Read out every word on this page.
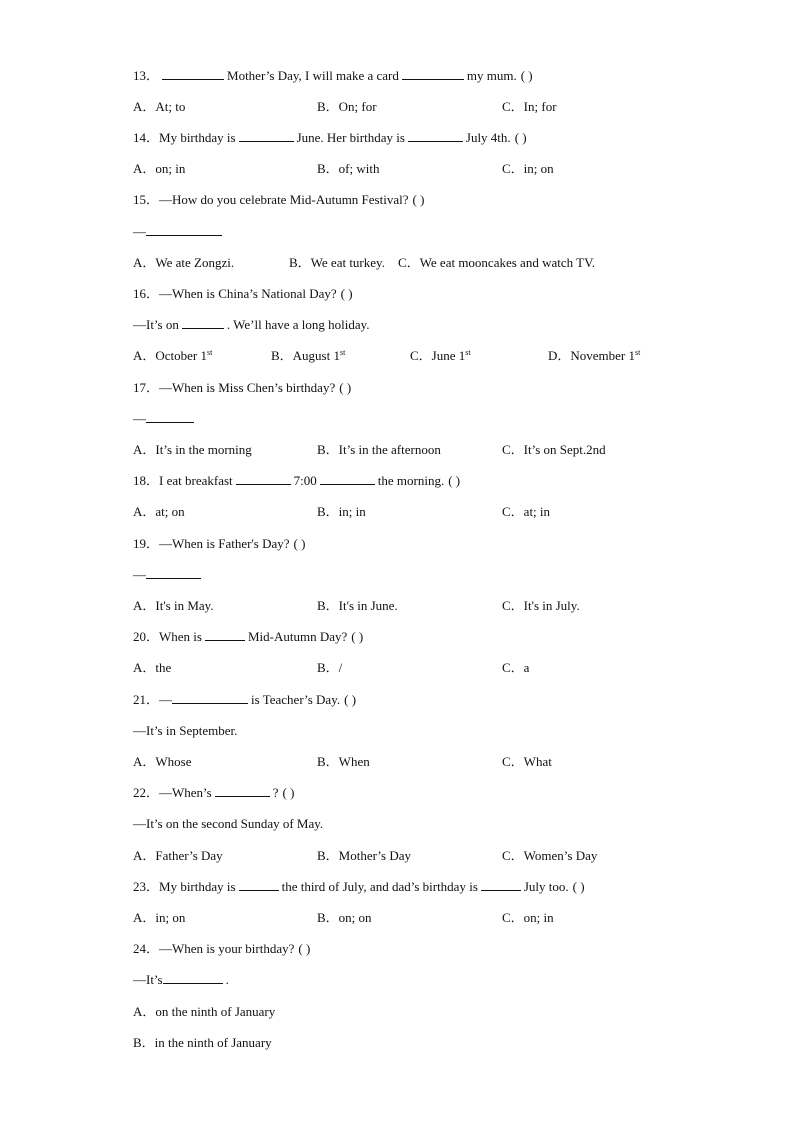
13．	Mother’s Day, I will make a card	my mum. ( )
A．At; to	B．On; for	C．In; for
14．My birthday is	June. Her birthday is	July 4th. ( )
A．on; in	B．of; with	C．in; on
15．—How do you celebrate Mid-Autumn Festival? ( )
—
A．We ate Zongzi.	B．We eat turkey. C．We eat mooncakes and watch TV.
16．—When is China’s National Day? ( )
—It’s on	. We’ll have a long holiday.
A．October 1st	B．August 1st	C．June 1st	D．November 1st
17．—When is Miss Chen’s birthday? ( )
—
A．It’s in the morning	B．It’s in the afternoon	C．It’s on Sept.2nd
18．I eat breakfast	7:00	the morning. ( )
A．at; on	B．in; in	C．at; in
19．—When is Father's Day? ( )
—
A．It's in May.	B．It's in June.	C．It's in July.
20．When is	Mid-Autumn Day? ( )
A．the	B．/	C．a
21．—	is Teacher’s Day. ( )
—It’s in September.
A．Whose	B．When	C．What
22．—When’s	? ( )
—It’s on the second Sunday of May.
A．Father’s Day	B．Mother’s Day	C．Women’s Day
23．My birthday is	the third of July, and dad’s birthday is	July too. ( )
A．in; on	B．on; on	C．on; in
24．—When is your birthday? ( )
—It’s	.
A．on the ninth of January
B．in the ninth of January
